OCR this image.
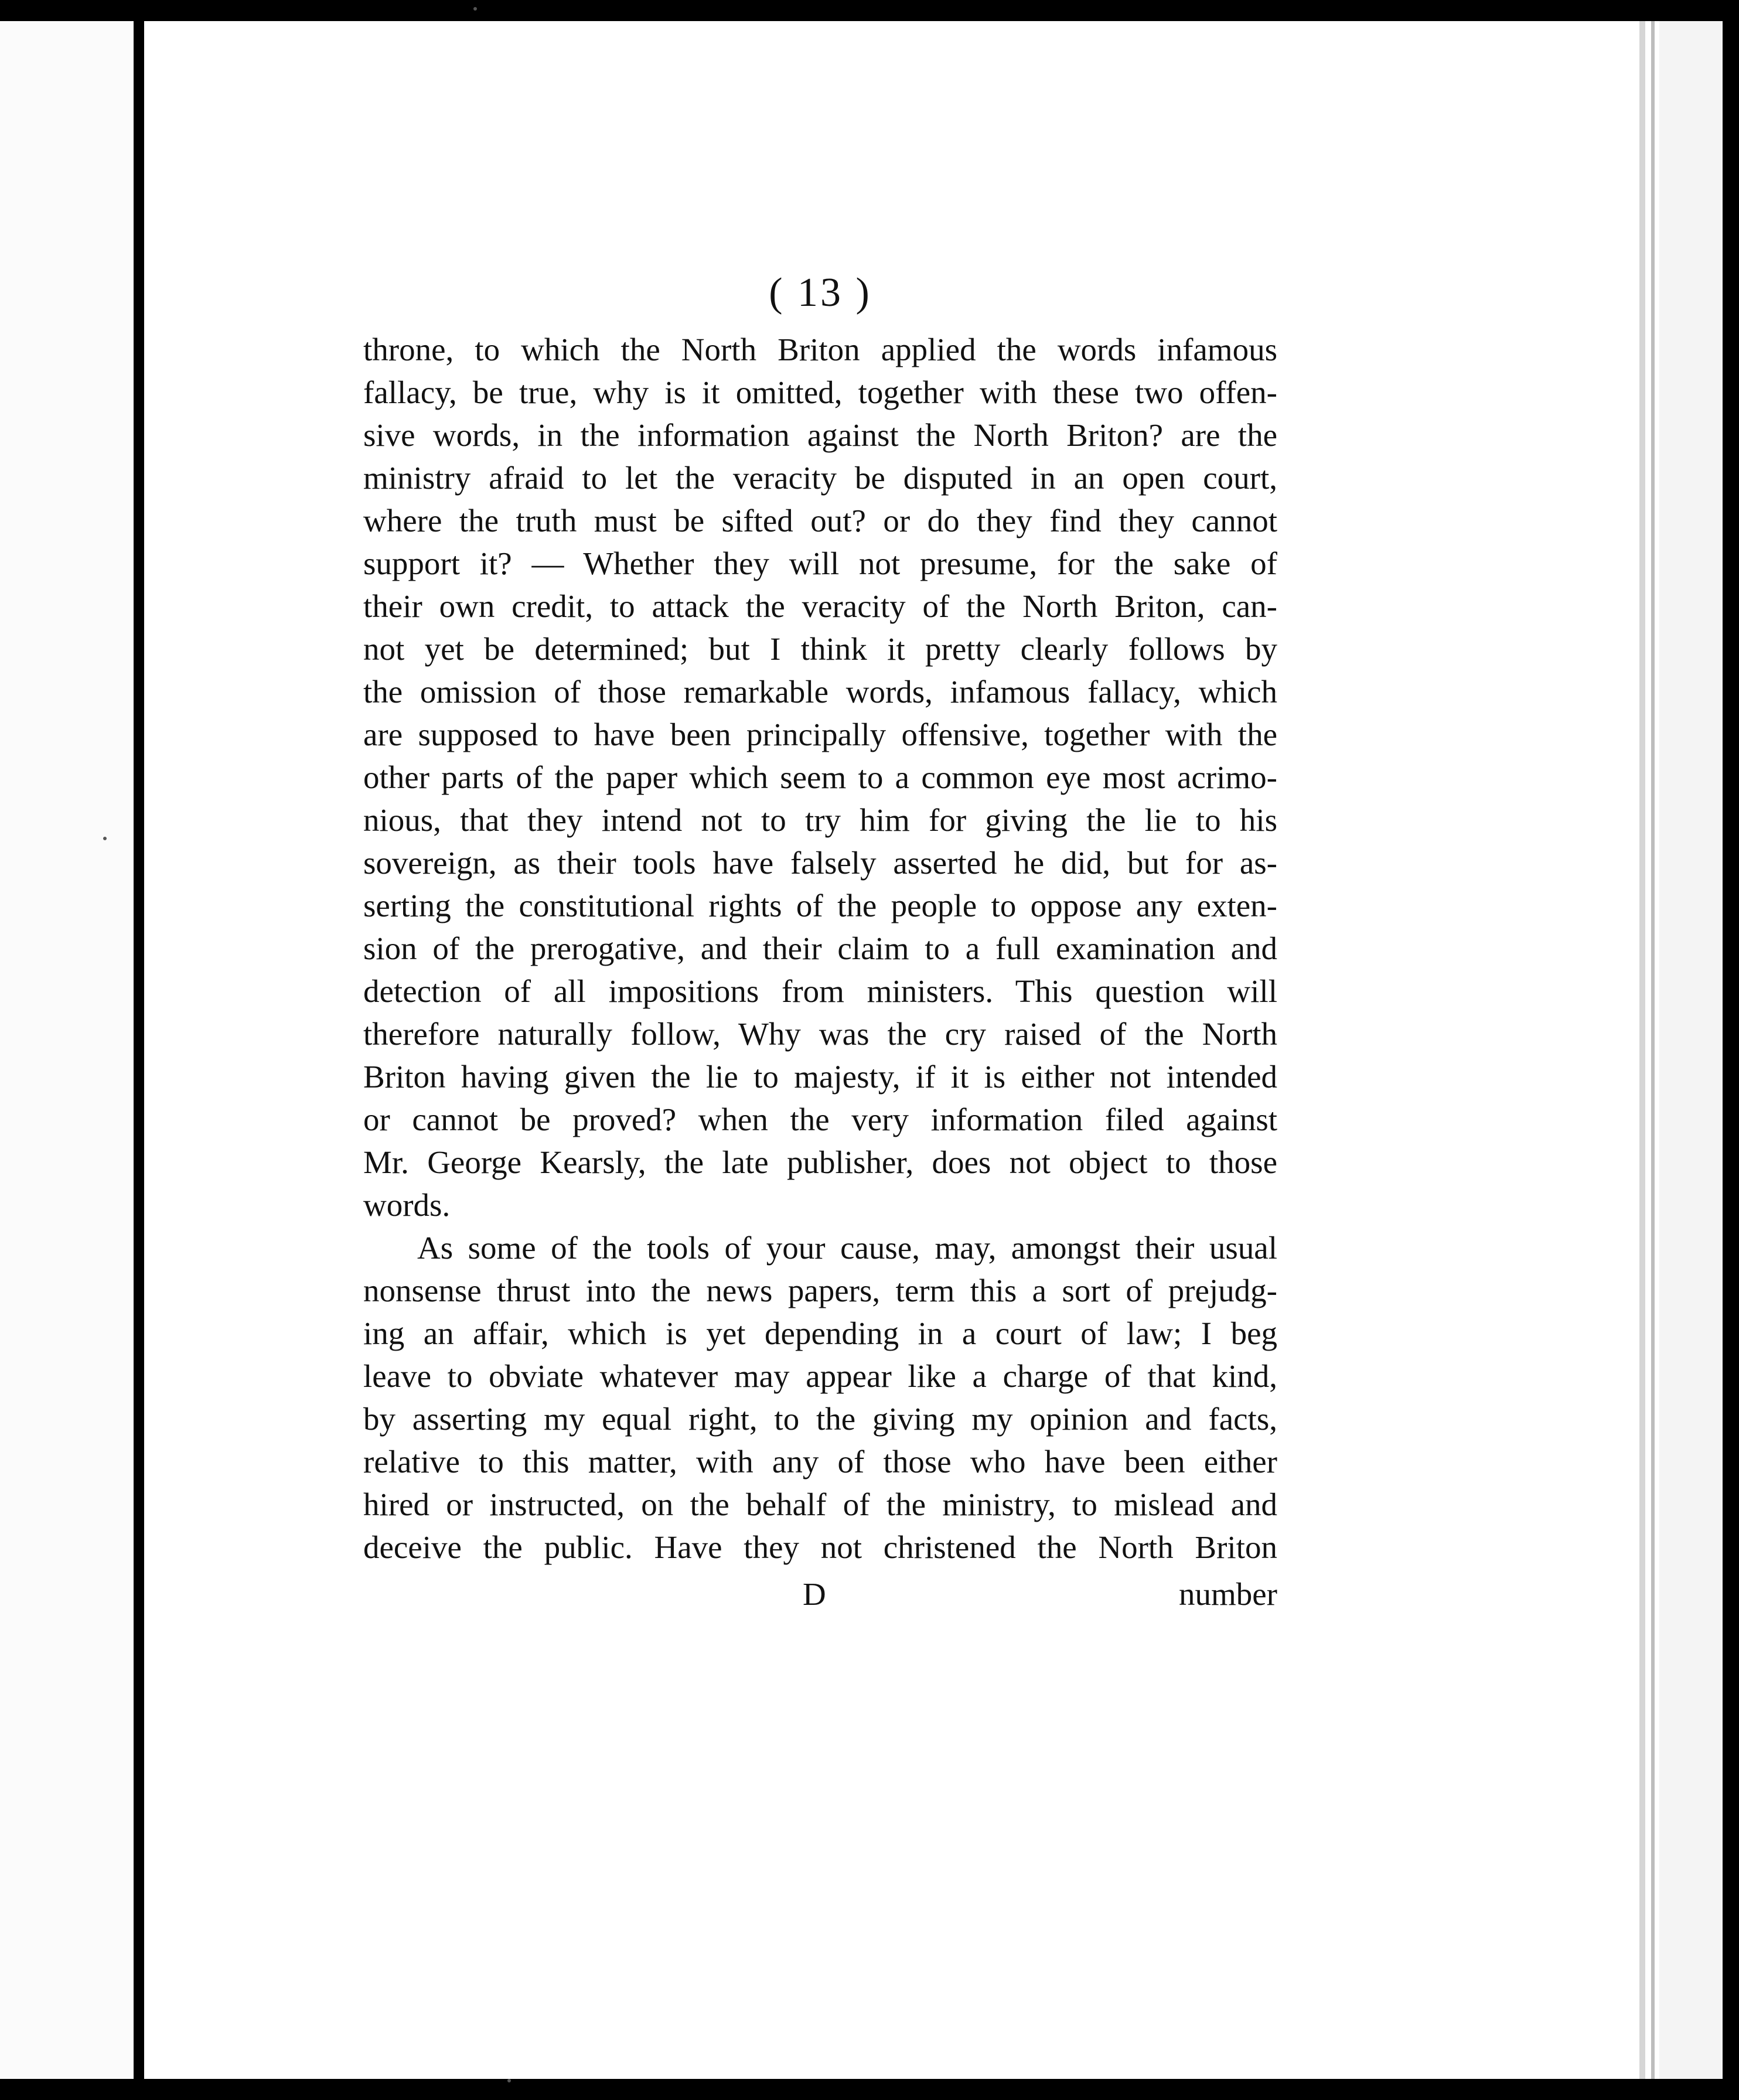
( 13 )
throne, to which the North Briton applied the words infamous
fallacy, be true, why is it omitted, together with these two offen-
sive words, in the information against the North Briton? are the
ministry afraid to let the veracity be disputed in an open court,
where the truth must be sifted out? or do they find they cannot
support it? — Whether they will not presume, for the sake of
their own credit, to attack the veracity of the North Briton, can-
not yet be determined; but I think it pretty clearly follows by
the omission of those remarkable words, infamous fallacy, which
are supposed to have been principally offensive, together with the
other parts of the paper which seem to a common eye most acrimo-
nious, that they intend not to try him for giving the lie to his
sovereign, as their tools have falsely asserted he did, but for as-
serting the constitutional rights of the people to oppose any exten-
sion of the prerogative, and their claim to a full examination and
detection of all impositions from ministers. This question will
therefore naturally follow, Why was the cry raised of the North
Briton having given the lie to majesty, if it is either not intended
or cannot be proved? when the very information filed against
Mr. George Kearsly, the late publisher, does not object to those
words.
As some of the tools of your cause, may, amongst their usual
nonsense thrust into the news papers, term this a sort of prejudg-
ing an affair, which is yet depending in a court of law; I beg
leave to obviate whatever may appear like a charge of that kind,
by asserting my equal right, to the giving my opinion and facts,
relative to this matter, with any of those who have been either
hired or instructed, on the behalf of the ministry, to mislead and
deceive the public. Have they not christened the North Briton
D	number
